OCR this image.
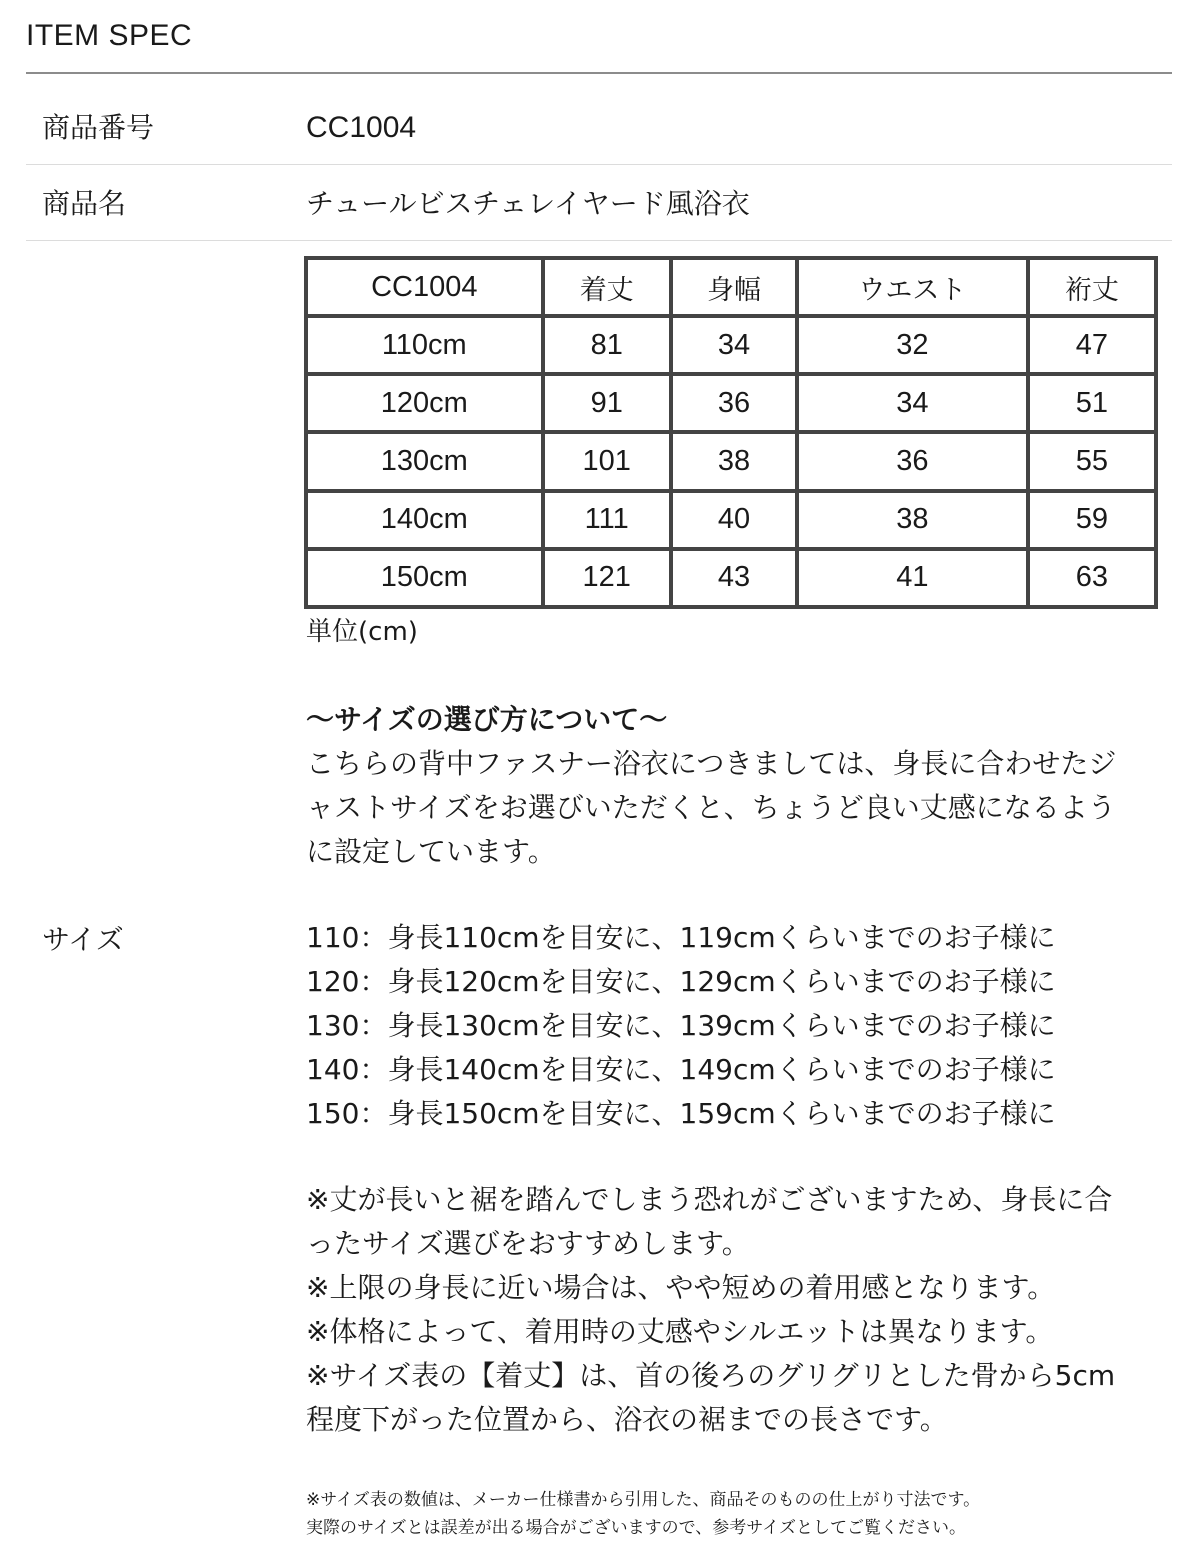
ITEM SPEC
商品番号	CC1004
商品名	チュールビスチェレイヤード風浴衣
CC1004	着丈	身幅	ウエスト	裄丈
110cm	81	34	32	47
120cm	91	36	34	51
130cm	101	38	36	55
140cm	111	40	38	59
150cm	121	43	41	63
単位(cm)

〜サイズの選び方について〜

こちらの背中ファスナー浴衣につきましては、身長に合わせたジ

ャストサイズをお選びいただくと、ちょうど良い丈感になるよう

に設定しています。

サイズ	110：身長110cmを目安に、119cmくらいまでのお子様に

120：身長120cmを目安に、129cmくらいまでのお子様に

130：身長130cmを目安に、139cmくらいまでのお子様に

140：身長140cmを目安に、149cmくらいまでのお子様に

150：身長150cmを目安に、159cmくらいまでのお子様に

※丈が長いと裾を踏んでしまう恐れがございますため、身長に合

ったサイズ選びをおすすめします。

※上限の身長に近い場合は、やや短めの着用感となります。

※体格によって、着用時の丈感やシルエットは異なります。

※サイズ表の【着丈】は、首の後ろのグリグリとした骨から5cm

程度下がった位置から、浴衣の裾までの長さです。

※サイズ表の数値は、メーカー仕様書から引用した、商品そのものの仕上がり寸法です。

実際のサイズとは誤差が出る場合がございますので、参考サイズとしてご覧ください。
